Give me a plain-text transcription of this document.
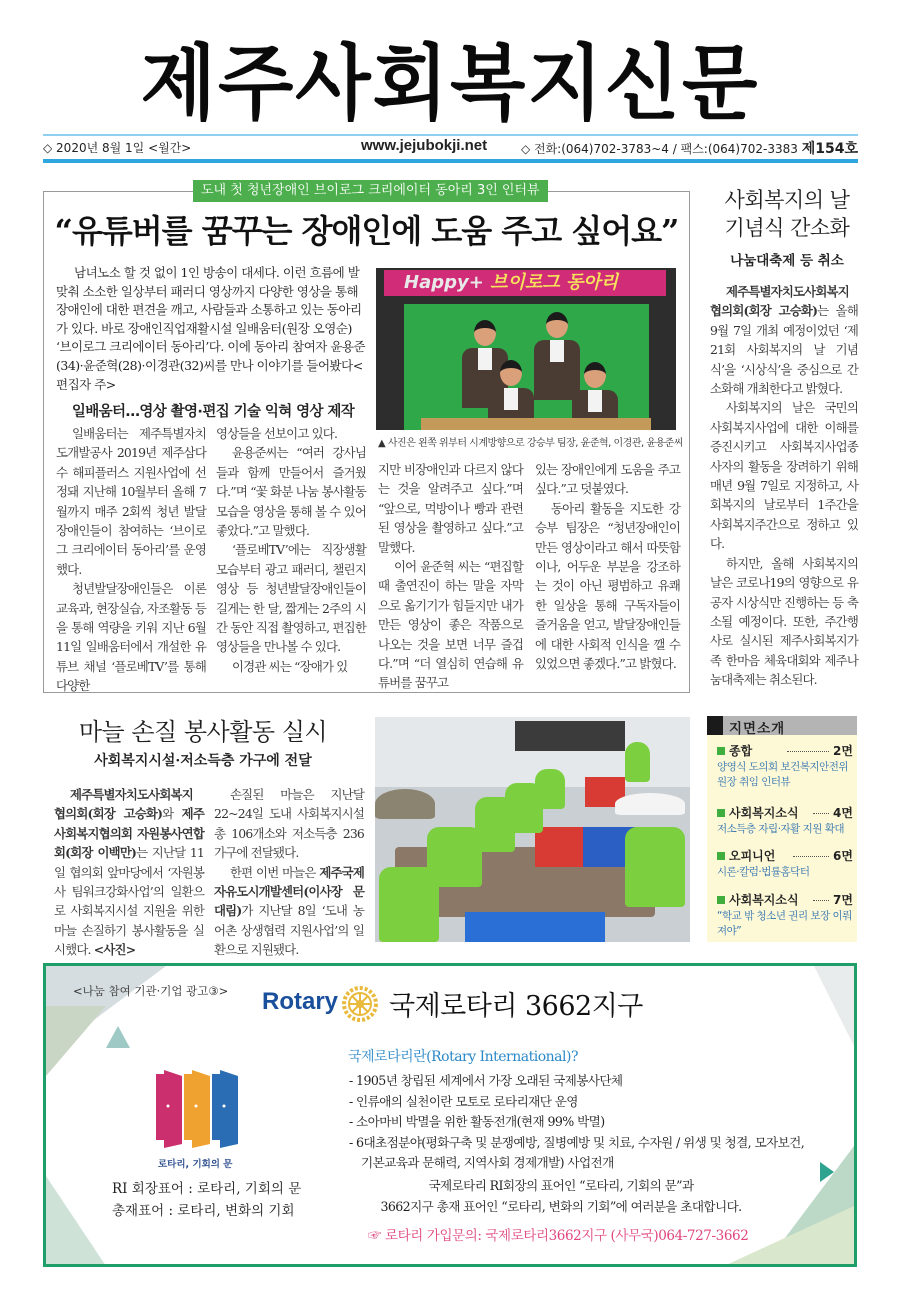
제주사회복지신문
◇ 2020년 8월 1일 <월간>	www.jejubokji.net	◇ 전화:(064)702-3783~4 / 팩스:(064)702-3383 제154호
도내 첫 청년장애인 브이로그 크리에이터 동아리 3인 인터뷰
“유튜버를 꿈꾸는 장애인에 도움 주고 싶어요”
남녀노소 할 것 없이 1인 방송이 대세다. 이런 흐름에 발맞춰 소소한 일상부터 패러디 영상까지 다양한 영상을 통해 장애인에 대한 편견을 깨고, 사람들과 소통하고 있는 동아리가 있다. 바로 장애인직업재활시설 일배움터(원장 오영순) ‘브이로그 크리에이터 동아리’다. 이에 동아리 참여자 윤용준(34)·윤준혁(28)·이경관(32)씨를 만나 이야기를 들어봤다<편집자 주>
일배움터…영상 촬영·편집 기술 익혀 영상 제작

일배움터는 제주특별자치도개발공사 2019년 제주삼다수 해피플러스 지원사업에 선정돼 지난해 10월부터 올해 7월까지 매주 2회씩 청년 발달장애인들이 참여하는 ‘브이로그 크리에이터 동아리’를 운영했다.

청년발달장애인들은 이론교육과, 현장실습, 자조활동 등을 통해 역량을 키워 지난 6월 11일 일배움터에서 개설한 유튜브 채널 ‘플로베TV’를 통해 다양한

영상들을 선보이고 있다.

윤용준씨는 “여러 강사님들과 함께 만들어서 즐거웠다.”며 “꽃 화분 나눔 봉사활동 모습을 영상을 통해 볼 수 있어 좋았다.”고 말했다.

‘플로베TV’에는 직장생활 모습부터 광고 패러디, 챌린지 영상 등 청년발달장애인들이 길게는 한 달, 짧게는 2주의 시간 동안 직접 촬영하고, 편집한 영상들을 만나볼 수 있다.

이경관 씨는 “장애가 있

Happy+ 브이로그 동아리
▲ 사진은 왼쪽 위부터 시계방향으로 강승부 팀장, 윤준혁, 이경관, 윤용준씨

지만 비장애인과 다르지 않다는 것을 알려주고 싶다.”며 “앞으로, 먹방이나 빵과 관련된 영상을 촬영하고 싶다.”고 말했다.

이어 윤준혁 씨는 “편집할 때 출연진이 하는 말을 자막으로 옮기기가 힘들지만 내가 만든 영상이 좋은 작품으로 나오는 것을 보면 너무 즐겁다.”며 “더 열심히 연습해 유튜버를 꿈꾸고

있는 장애인에게 도움을 주고 싶다.”고 덧붙였다.

동아리 활동을 지도한 강승부 팀장은 “청년장애인이 만든 영상이라고 해서 따뜻함이나, 어두운 부분을 강조하는 것이 아닌 평범하고 유쾌한 일상을 통해 구독자들이 즐거움을 얻고, 발달장애인들에 대한 사회적 인식을 깰 수 있었으면 좋겠다.”고 밝혔다.

사회복지의 날
기념식 간소화
나눔대축제 등 취소

제주특별자치도사회복지협의회(회장 고승화)는 올해 9월 7일 개최 예정이었던 ‘제21회 사회복지의 날 기념식’을 ‘시상식’을 중심으로 간소화해 개최한다고 밝혔다.

사회복지의 날은 국민의 사회복지사업에 대한 이해를 증진시키고 사회복지사업종사자의 활동을 장려하기 위해 매년 9월 7일로 지정하고, 사회복지의 날로부터 1주간을 사회복지주간으로 정하고 있다.

하지만, 올해 사회복지의 날은 코로나19의 영향으로 유공자 시상식만 진행하는 등 축소될 예정이다. 또한, 주간행사로 실시된 제주사회복지가족 한마음 체육대회와 제주나눔대축제는 취소된다.

마늘 손질 봉사활동 실시
사회복지시설·저소득층 가구에 전달

제주특별자치도사회복지협의회(회장 고승화)와 제주사회복지협의회 자원봉사연합회(회장 이백만)는 지난달 11일 협의회 앞마당에서 ‘자원봉사 팀워크강화사업’의 일환으로 사회복지시설 지원을 위한 마늘 손질하기 봉사활동을 실시했다. <사진>

손질된 마늘은 지난달 22~24일 도내 사회복지시설 총 106개소와 저소득층 236가구에 전달됐다.

한편 이번 마늘은 제주국제자유도시개발센터(이사장 문대림)가 지난달 8일 ‘도내 농어촌 상생협력 지원사업’의 일환으로 지원됐다.

지면소개
종합	2면
양영식 도의회 보건복지안전위원장 취임 인터뷰
사회복지소식	4면
저소득층 자립·자활 지원 확대
오피니언	6면
시론·칼럼·법률홈닥터
사회복지소식	7면
“학교 밖 청소년 권리 보장 이뤄져야”
<나눔 참여 기관·기업 광고③> Rotary 국제로타리 3662지구
국제로타리란(Rotary International)?
- 1905년 창립된 세계에서 가장 오래된 국제봉사단체
- 인류애의 실천이란 모토로 로타리재단 운영
- 소아마비 박멸을 위한 활동전개(현재 99% 박멸)
- 6대초점분야(평화구축 및 분쟁예방, 질병예방 및 치료, 수자원 / 위생 및 청결, 모자보건, 기본교육과 문해력, 지역사회 경제개발) 사업전개
로타리, 기회의 문
RI 회장표어 : 로타리, 기회의 문
총재표어 : 로타리, 변화의 기회
국제로타리 RI회장의 표어인 “로타리, 기회의 문”과
3662지구 총재 표어인 “로타리, 변화의 기회”에 여러분을 초대합니다.
☞ 로타리 가입문의: 국제로타리3662지구 (사무국)064-727-3662
